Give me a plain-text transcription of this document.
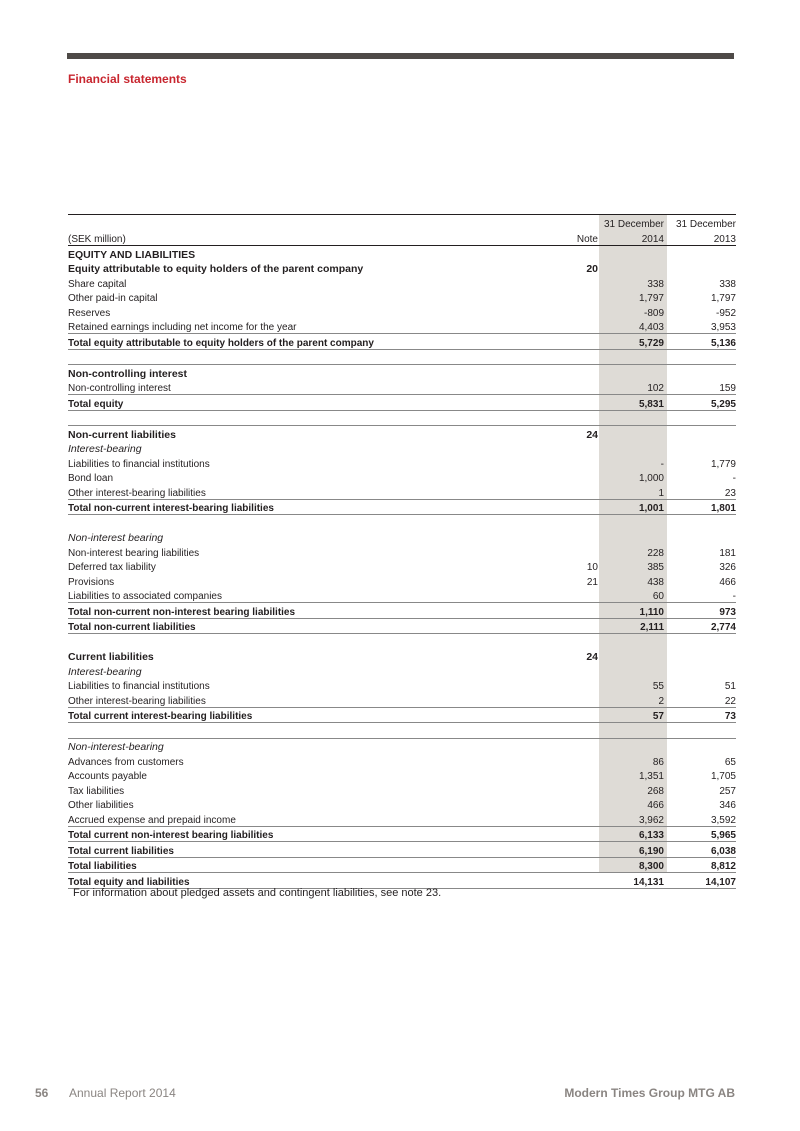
Financial statements
		31 December	31 December
(SEK million)	Note	2014	2013
EQUITY AND LIABILITIES			
Equity attributable to equity holders of the parent company	20		
Share capital		338	338
Other paid-in capital		1,797	1,797
Reserves		-809	-952
Retained earnings including net income for the year		4,403	3,953
Total equity attributable to equity holders of the parent company		5,729	5,136

Non-controlling interest			
Non-controlling interest		102	159
Total equity		5,831	5,295

Non-current liabilities	24		
Interest-bearing			
Liabilities to financial institutions		-	1,779
Bond loan		1,000	-
Other interest-bearing liabilities		1	23
Total non-current interest-bearing liabilities		1,001	1,801

Non-interest bearing			
Non-interest bearing liabilities		228	181
Deferred tax liability	10	385	326
Provisions	21	438	466
Liabilities to associated companies		60	-
Total non-current non-interest bearing liabilities		1,110	973
Total non-current liabilities		2,111	2,774

Current liabilities	24		
Interest-bearing			
Liabilities to financial institutions		55	51
Other interest-bearing liabilities		2	22
Total current interest-bearing liabilities		57	73

Non-interest-bearing			
Advances from customers		86	65
Accounts payable		1,351	1,705
Tax liabilities		268	257
Other liabilities		466	346
Accrued expense and prepaid income		3,962	3,592
Total current non-interest bearing liabilities		6,133	5,965
Total current liabilities		6,190	6,038
Total liabilities		8,300	8,812
Total equity and liabilities		14,131	14,107
For information about pledged assets and contingent liabilities, see note 23.
56 Annual Report 2014	Modern Times Group MTG AB
